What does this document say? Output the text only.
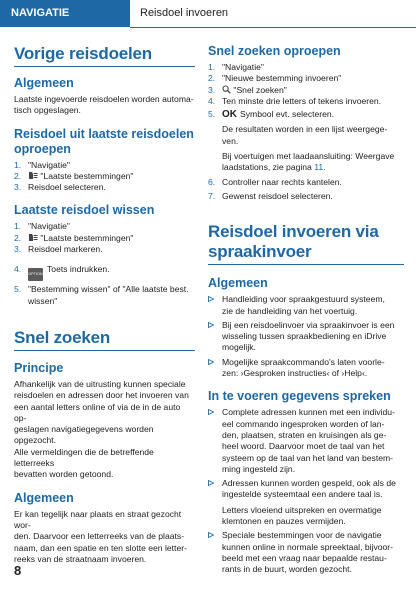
NAVIGATIE	Reisdoel invoeren
Vorige reisdoelen
Algemeen

Laatste ingevoerde reisdoelen worden automa-
tisch opgeslagen.

Reisdoel uit laatste reisdoelen
oproepen
1. "Navigatie"
2. "Laatste bestemmingen"
3. Reisdoel selecteren.
Laatste reisdoel wissen
1. "Navigatie"
2. "Laatste bestemmingen"
3. Reisdoel markeren.
4. OPTION Toets indrukken.
5. "Bestemming wissen" of "Alle laatste best.
wissen"
Snel zoeken
Principe

Afhankelijk van de uitrusting kunnen speciale
reisdoelen en adressen door het invoeren van
een aantal letters online of via de in de auto op-
geslagen navigatiegegevens worden opgezocht.
Alle vermeldingen die de betreffende letterreeks
bevatten worden getoond.

Algemeen

Er kan tegelijk naar plaats en straat gezocht wor-
den. Daarvoor een letterreeks van de plaats-
naam, dan een spatie en ten slotte een letter-
reeks van de straatnaam invoeren.

Snel zoeken oproepen
1. "Navigatie"
2. "Nieuwe bestemming invoeren"
3. "Snel zoeken"
4. Ten minste drie letters of tekens invoeren.
5. OK Symbool evt. selecteren.
De resultaten worden in een lijst weergege-
ven.
Bij voertuigen met laadaansluiting: Weergave
laadstations, zie pagina 11.
6. Controller naar rechts kantelen.
7. Gewenst reisdoel selecteren.
Reisdoel invoeren via
spraakinvoer
Algemeen
Handleiding voor spraakgestuurd systeem,
zie de handleiding van het voertuig.
Bij een reisdoelinvoer via spraakinvoer is een
wisseling tussen spraakbediening en iDrive
mogelijk.
Mogelijke spraakcommando's laten voorle-
zen: ›Gesproken instructies‹ of ›Help‹.
In te voeren gegevens spreken
Complete adressen kunnen met een individu-
eel commando ingesproken worden of lan-
den, plaatsen, straten en kruisingen als ge-
heel woord. Daarvoor moet de taal van het
systeem op de taal van het land van bestem-
ming ingesteld zijn.
Adressen kunnen worden gespeld, ook als de
ingestelde systeemtaal een andere taal is.
Letters vloeiend uitspreken en overmatige
klemtonen en pauzes vermijden.
Speciale bestemmingen voor de navigatie
kunnen online in normale spreektaal, bijvoor-
beeld met een vraag naar bepaalde restau-
rants in de buurt, worden gezocht.
8
